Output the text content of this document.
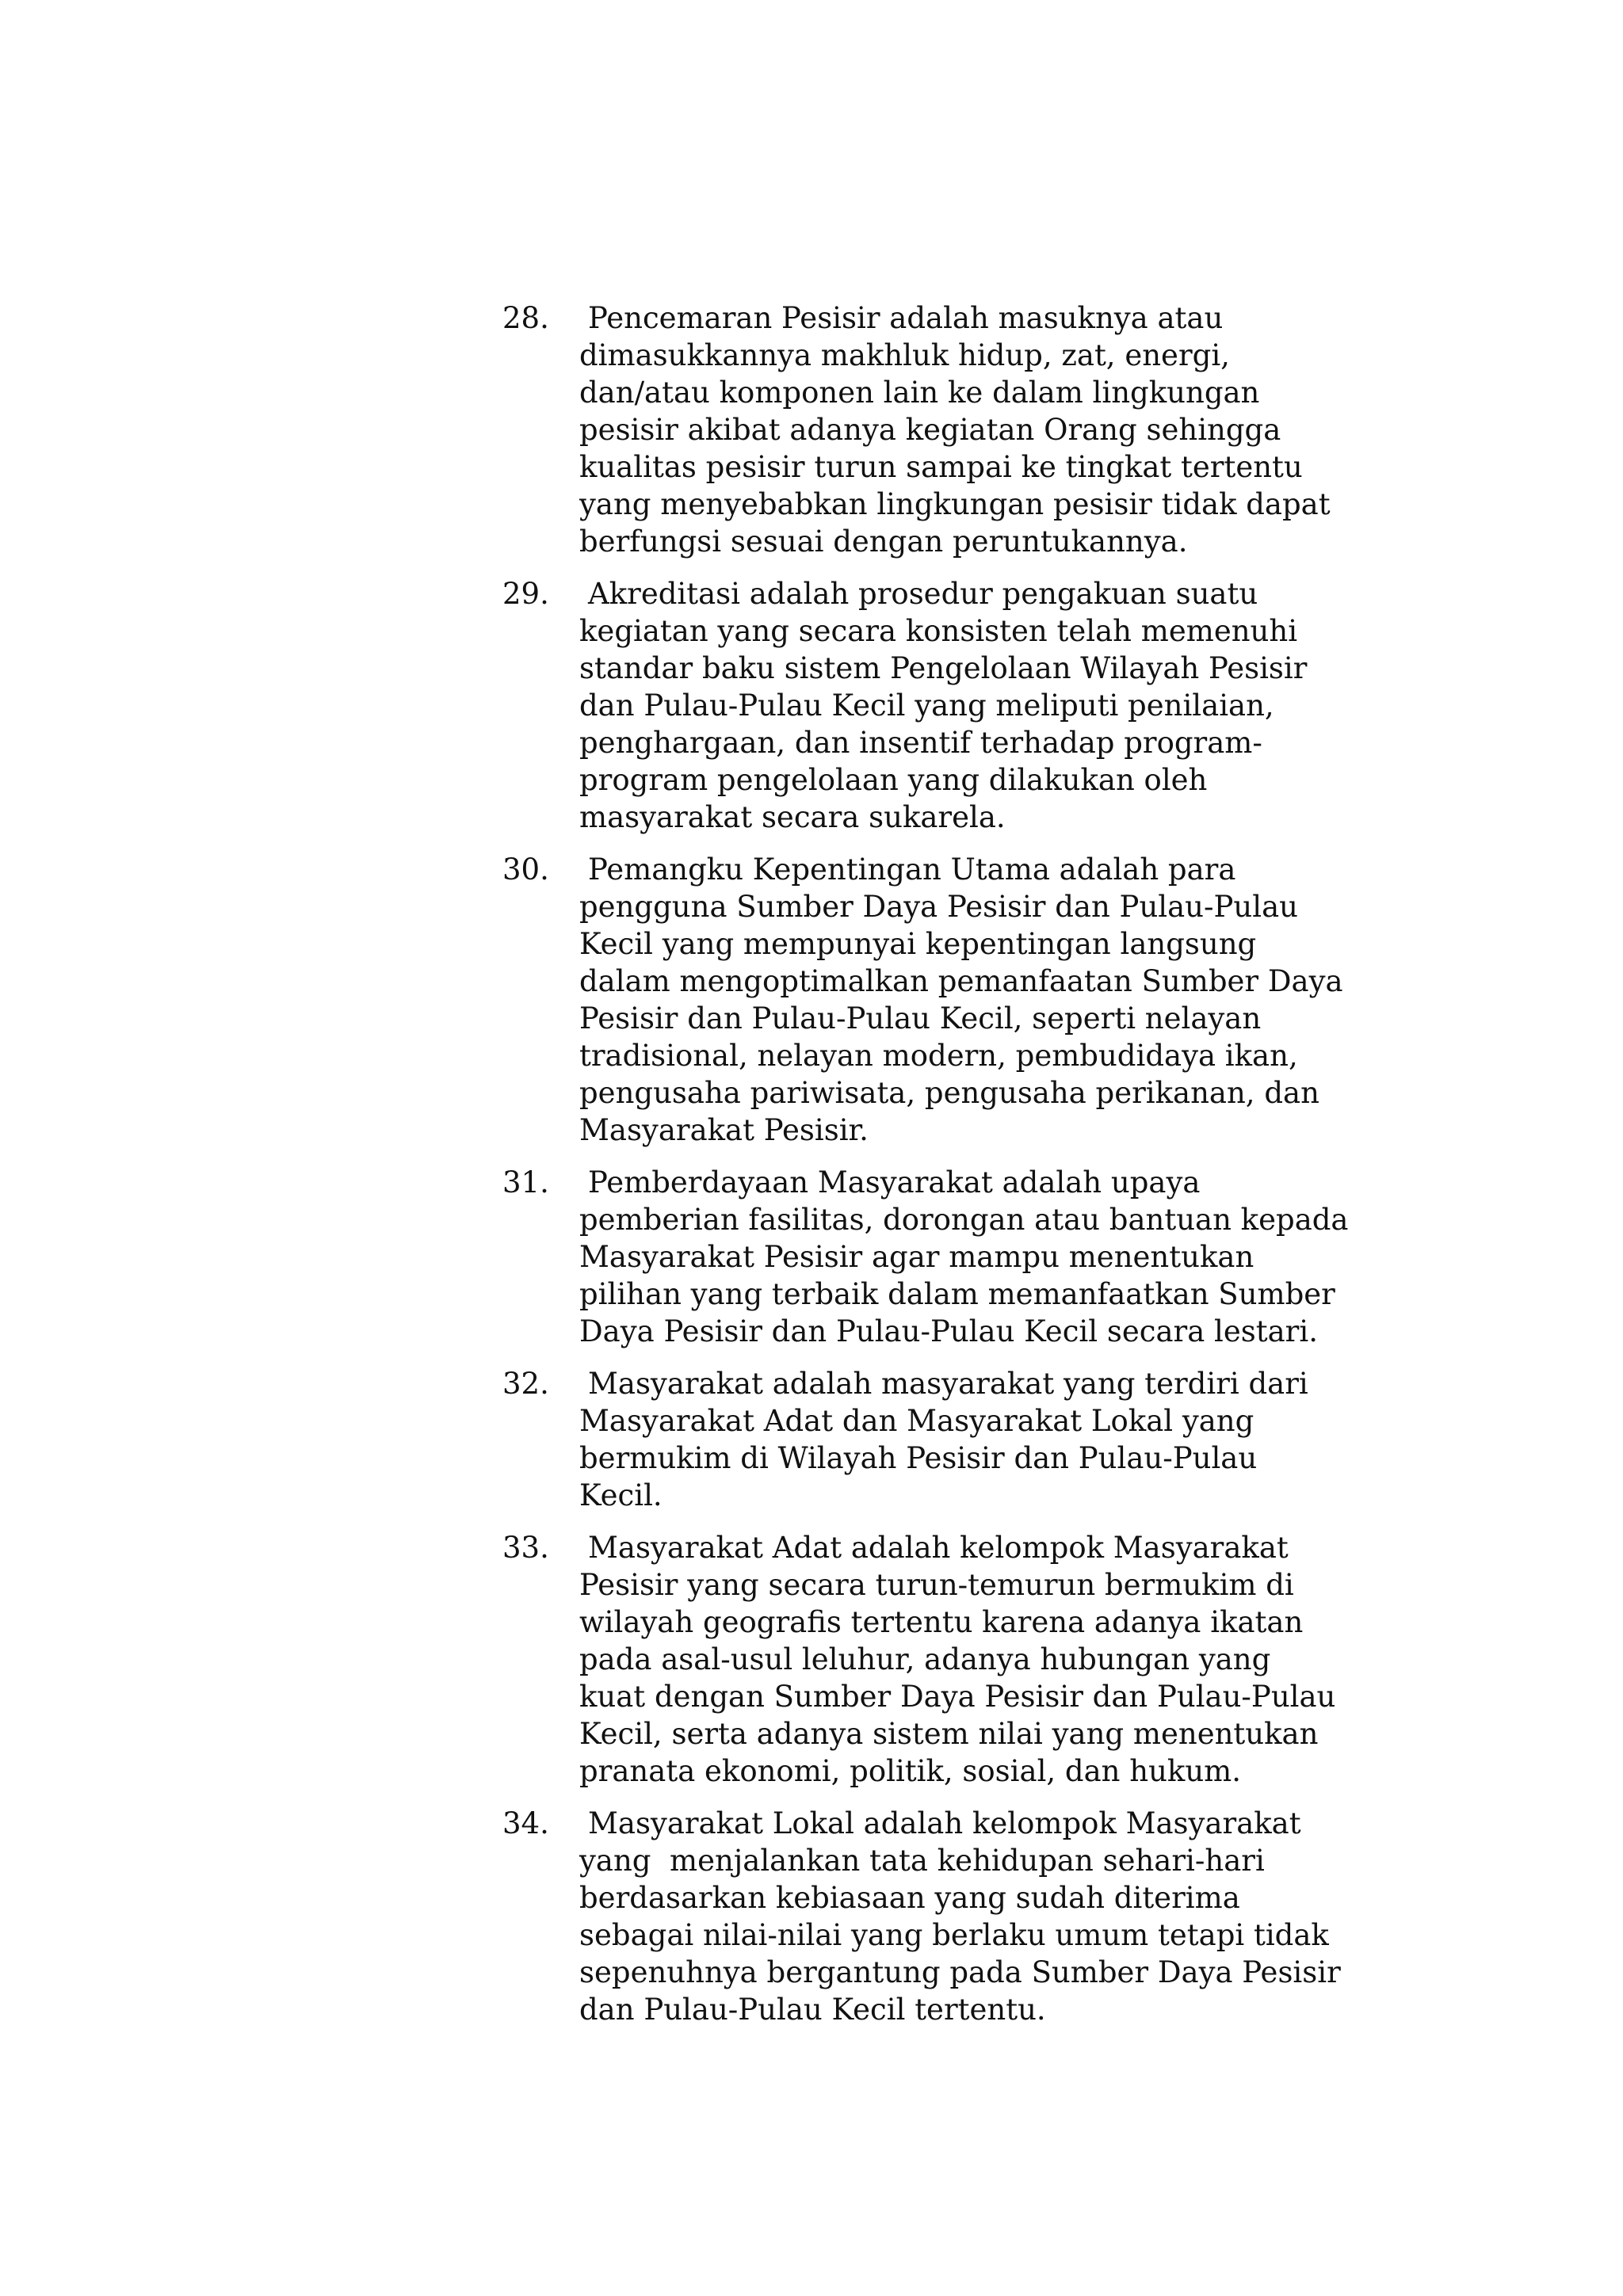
28.	Pencemaran Pesisir adalah masuknya atau
dimasukkannya makhluk hidup, zat, energi,
dan/atau komponen lain ke dalam lingkungan
pesisir akibat adanya kegiatan Orang sehingga
kualitas pesisir turun sampai ke tingkat tertentu
yang menyebabkan lingkungan pesisir tidak dapat
berfungsi sesuai dengan peruntukannya.
29.	Akreditasi adalah prosedur pengakuan suatu
kegiatan yang secara konsisten telah memenuhi
standar baku sistem Pengelolaan Wilayah Pesisir
dan Pulau-Pulau Kecil yang meliputi penilaian,
penghargaan, dan insentif terhadap program-
program pengelolaan yang dilakukan oleh
masyarakat secara sukarela.
30.	Pemangku Kepentingan Utama adalah para
pengguna Sumber Daya Pesisir dan Pulau-Pulau
Kecil yang mempunyai kepentingan langsung
dalam mengoptimalkan pemanfaatan Sumber Daya
Pesisir dan Pulau-Pulau Kecil, seperti nelayan
tradisional, nelayan modern, pembudidaya ikan,
pengusaha pariwisata, pengusaha perikanan, dan
Masyarakat Pesisir.
31.	Pemberdayaan Masyarakat adalah upaya
pemberian fasilitas, dorongan atau bantuan kepada
Masyarakat Pesisir agar mampu menentukan
pilihan yang terbaik dalam memanfaatkan Sumber
Daya Pesisir dan Pulau-Pulau Kecil secara lestari.
32.	Masyarakat adalah masyarakat yang terdiri dari
Masyarakat Adat dan Masyarakat Lokal yang
bermukim di Wilayah Pesisir dan Pulau-Pulau
Kecil.
33.	Masyarakat Adat adalah kelompok Masyarakat
Pesisir yang secara turun-temurun bermukim di
wilayah geografis tertentu karena adanya ikatan
pada asal-usul leluhur, adanya hubungan yang
kuat dengan Sumber Daya Pesisir dan Pulau-Pulau
Kecil, serta adanya sistem nilai yang menentukan
pranata ekonomi, politik, sosial, dan hukum.
34.	Masyarakat Lokal adalah kelompok Masyarakat
yang  menjalankan tata kehidupan sehari-hari
berdasarkan kebiasaan yang sudah diterima
sebagai nilai-nilai yang berlaku umum tetapi tidak
sepenuhnya bergantung pada Sumber Daya Pesisir
dan Pulau-Pulau Kecil tertentu.
